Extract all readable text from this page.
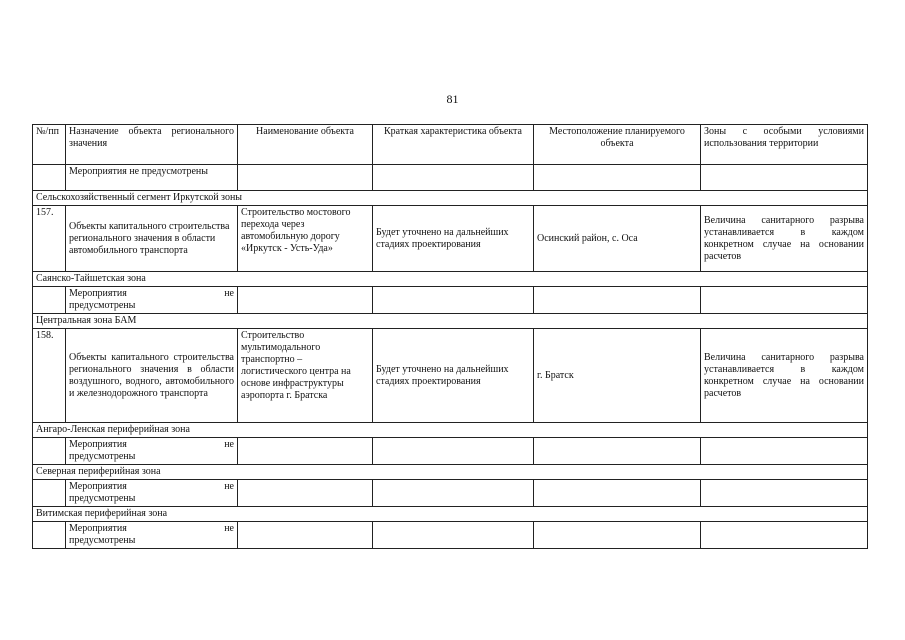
81
№/пп	Назначение объекта регионального значения	Наименование объекта	Краткая характеристика объекта	Местоположение планируемого объекта	Зоны с особыми условиями использования территории
	Мероприятия не предусмотрены				
Сельскохозяйственный сегмент Иркутской зоны					
157.	Объекты капитального строительства регионального значения в области автомобильного транспорта	Строительство мостового перехода через автомобильную дорогу «Иркутск - Усть-Уда»	Будет уточнено на дальнейших стадиях проектирования	Осинский район, с. Оса	Величина санитарного разрыва устанавливается в каждом конкретном случае на основании расчетов
Саянско-Тайшетская зона					

	Мероприятия не
предусмотрены				

Центральная зона БАМ					
158.	Объекты капитального строительства регионального значения в области воздушного, водного, автомобильного и железнодорожного транспорта	Строительство мультимодального транспортно – логистического центра на основе инфраструктуры аэропорта г. Братска	Будет уточнено на дальнейших стадиях проектирования	г. Братск	Величина санитарного разрыва устанавливается в каждом конкретном случае на основании расчетов
Ангаро-Ленская периферийная зона					

	Мероприятия не
предусмотрены				

Северная периферийная зона					

	Мероприятия не
предусмотрены				

Витимская периферийная зона					

	Мероприятия не
предусмотрены				
